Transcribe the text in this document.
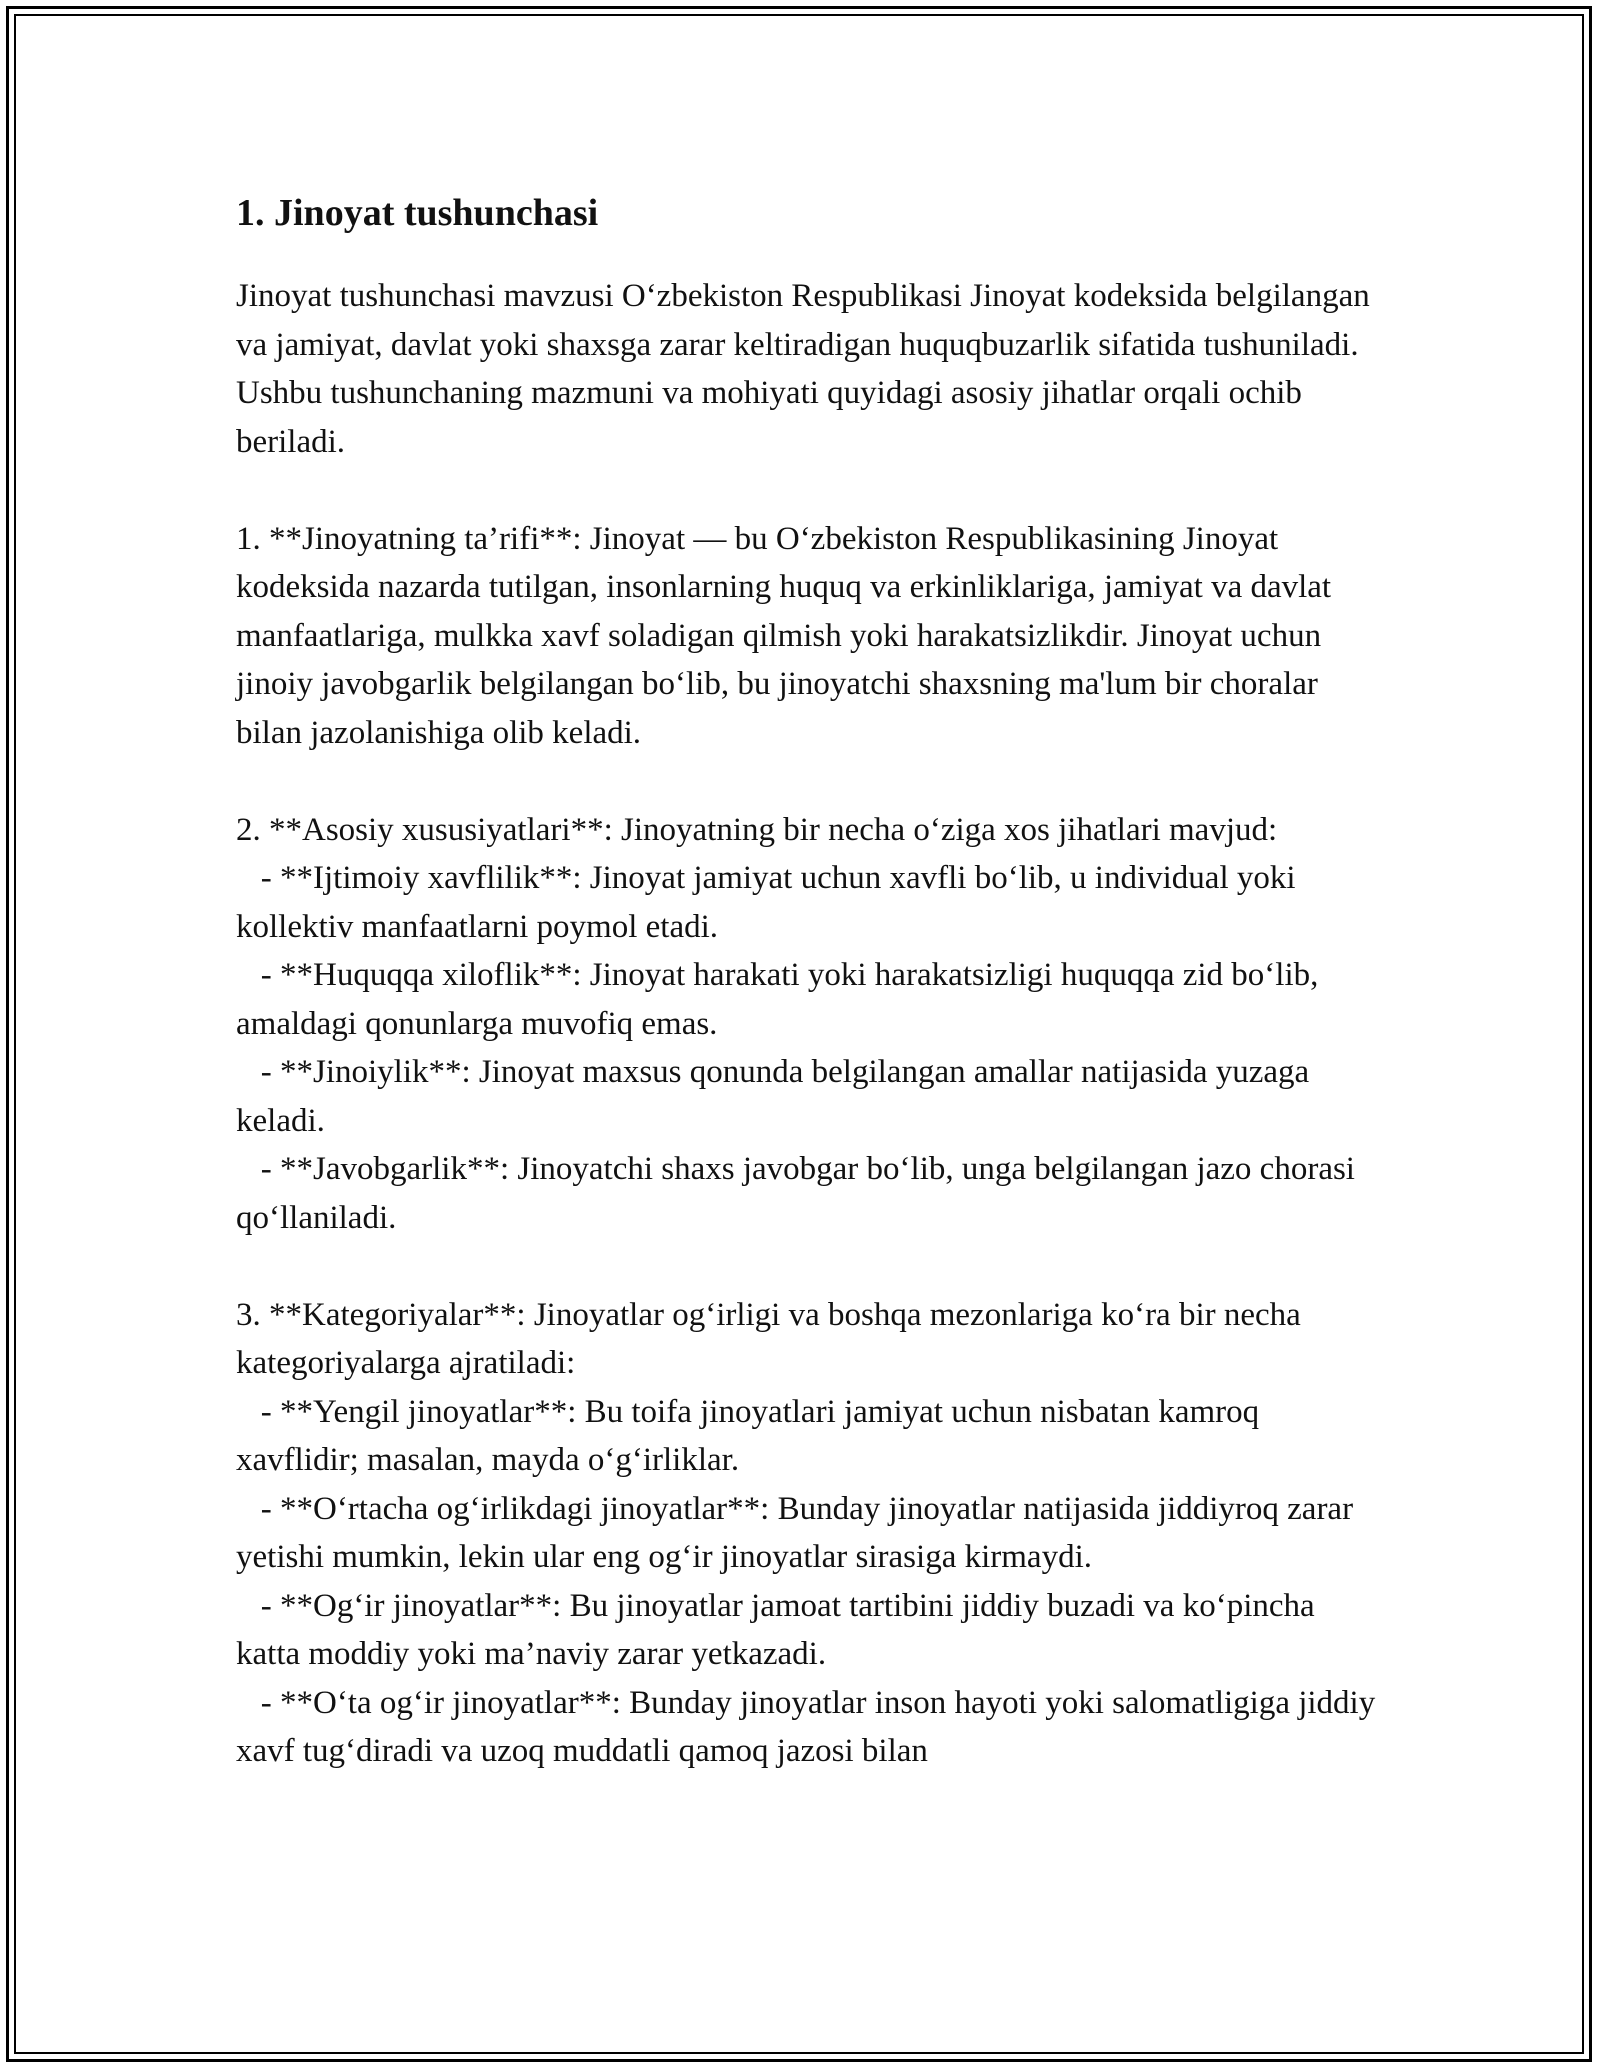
1. Jinoyat tushunchasi

Jinoyat tushunchasi mavzusi O‘zbekiston Respublikasi Jinoyat kodeksida belgilangan va jamiyat, davlat yoki shaxsga zarar keltiradigan huquqbuzarlik sifatida tushuniladi. Ushbu tushunchaning mazmuni va mohiyati quyidagi asosiy jihatlar orqali ochib beriladi.

1. **Jinoyatning ta’rifi**: Jinoyat — bu O‘zbekiston Respublikasining Jinoyat kodeksida nazarda tutilgan, insonlarning huquq va erkinliklariga, jamiyat va davlat manfaatlariga, mulkka xavf soladigan qilmish yoki harakatsizlikdir. Jinoyat uchun jinoiy javobgarlik belgilangan bo‘lib, bu jinoyatchi shaxsning ma'lum bir choralar bilan jazolanishiga olib keladi.

2. **Asosiy xususiyatlari**: Jinoyatning bir necha o‘ziga xos jihatlari mavjud:

- **Ijtimoiy xavflilik**: Jinoyat jamiyat uchun xavfli bo‘lib, u individual yoki kollektiv manfaatlarni poymol etadi.

- **Huquqqa xiloflik**: Jinoyat harakati yoki harakatsizligi huquqqa zid bo‘lib, amaldagi qonunlarga muvofiq emas.

- **Jinoiylik**: Jinoyat maxsus qonunda belgilangan amallar natijasida yuzaga keladi.

- **Javobgarlik**: Jinoyatchi shaxs javobgar bo‘lib, unga belgilangan jazo chorasi qo‘llaniladi.

3. **Kategoriyalar**: Jinoyatlar og‘irligi va boshqa mezonlariga ko‘ra bir necha kategoriyalarga ajratiladi:

- **Yengil jinoyatlar**: Bu toifa jinoyatlari jamiyat uchun nisbatan kamroq xavflidir; masalan, mayda o‘g‘irliklar.

- **O‘rtacha og‘irlikdagi jinoyatlar**: Bunday jinoyatlar natijasida jiddiyroq zarar yetishi mumkin, lekin ular eng og‘ir jinoyatlar sirasiga kirmaydi.

- **Og‘ir jinoyatlar**: Bu jinoyatlar jamoat tartibini jiddiy buzadi va ko‘pincha katta moddiy yoki ma’naviy zarar yetkazadi.

- **O‘ta og‘ir jinoyatlar**: Bunday jinoyatlar inson hayoti yoki salomatligiga jiddiy xavf tug‘diradi va uzoq muddatli qamoq jazosi bilan
